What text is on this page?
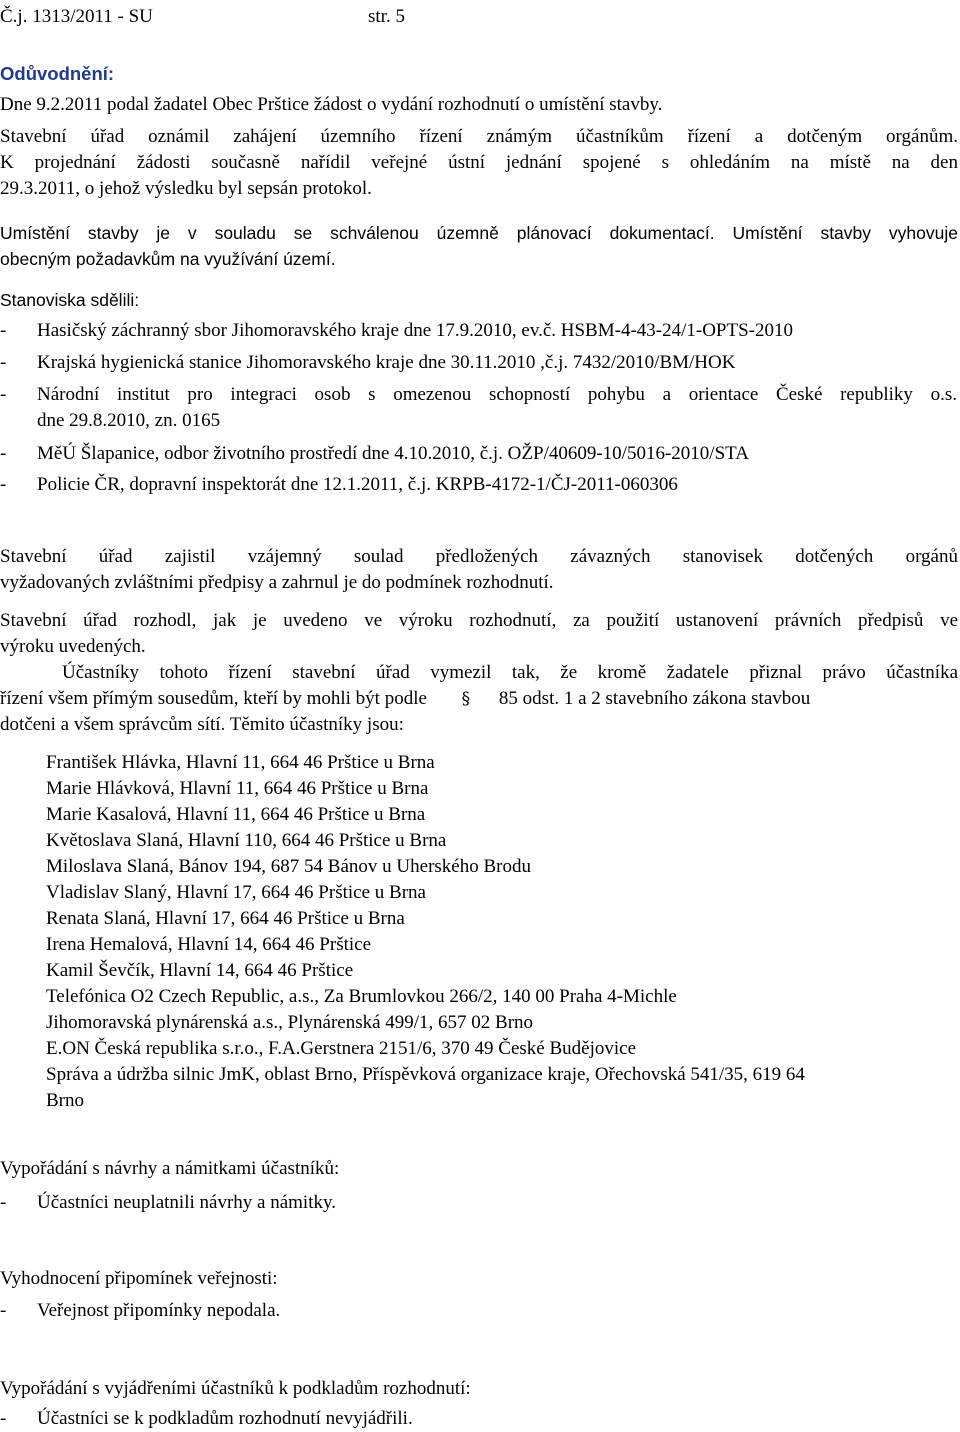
Č.j. 1313/2011 - SU	str. 5
Odůvodnění:
Dne 9.2.2011 podal žadatel Obec Prštice žádost o vydání rozhodnutí o umístění stavby.
Stavební úřad oznámil zahájení územního řízení známým účastníkům řízení a dotčeným orgánům.
K projednání žádosti současně nařídil veřejné ústní jednání spojené s ohledáním na místě na den
29.3.2011, o jehož výsledku byl sepsán protokol.
Umístění stavby je v souladu se schválenou územně plánovací dokumentací. Umístění stavby vyhovuje
obecným požadavkům na využívání území.
Stanoviska sdělili:
- Hasičský záchranný sbor Jihomoravského kraje dne 17.9.2010, ev.č. HSBM-4-43-24/1-OPTS-2010
- Krajská hygienická stanice Jihomoravského kraje dne 30.11.2010 ,č.j. 7432/2010/BM/HOK
- Národní institut pro integraci osob s omezenou schopností pohybu a orientace České republiky o.s.
dne 29.8.2010, zn. 0165
- MěÚ Šlapanice, odbor životního prostředí dne 4.10.2010, č.j. OŽP/40609-10/5016-2010/STA
- Policie ČR, dopravní inspektorát dne 12.1.2011, č.j. KRPB-4172-1/ČJ-2011-060306
Stavební úřad zajistil vzájemný soulad předložených závazných stanovisek dotčených orgánů
vyžadovaných zvláštními předpisy a zahrnul je do podmínek rozhodnutí.
Stavební úřad rozhodl, jak je uvedeno ve výroku rozhodnutí, za použití ustanovení právních předpisů ve
výroku uvedených.
Účastníky tohoto řízení stavební úřad vymezil tak, že kromě žadatele přiznal právo účastníka
řízení všem přímým sousedům, kteří by mohli být podle § 85 odst. 1 a 2 stavebního zákona stavbou
dotčeni a všem správcům sítí. Těmito účastníky jsou:
František Hlávka, Hlavní 11, 664 46 Prštice u Brna
Marie Hlávková, Hlavní 11, 664 46 Prštice u Brna
Marie Kasalová, Hlavní 11, 664 46 Prštice u Brna
Květoslava Slaná, Hlavní 110, 664 46 Prštice u Brna
Miloslava Slaná, Bánov 194, 687 54 Bánov u Uherského Brodu
Vladislav Slaný, Hlavní 17, 664 46 Prštice u Brna
Renata Slaná, Hlavní 17, 664 46 Prštice u Brna
Irena Hemalová, Hlavní 14, 664 46 Prštice
Kamil Ševčík, Hlavní 14, 664 46 Prštice
Telefónica O2 Czech Republic, a.s., Za Brumlovkou 266/2, 140 00 Praha 4-Michle
Jihomoravská plynárenská a.s., Plynárenská 499/1, 657 02 Brno
E.ON Česká republika s.r.o., F.A.Gerstnera 2151/6, 370 49 České Budějovice
Správa a údržba silnic JmK, oblast Brno, Příspěvková organizace kraje, Ořechovská 541/35, 619 64
Brno
Vypořádání s návrhy a námitkami účastníků:
- Účastníci neuplatnili návrhy a námitky.
Vyhodnocení připomínek veřejnosti:
- Veřejnost připomínky nepodala.
Vypořádání s vyjádřeními účastníků k podkladům rozhodnutí:
- Účastníci se k podkladům rozhodnutí nevyjádřili.
